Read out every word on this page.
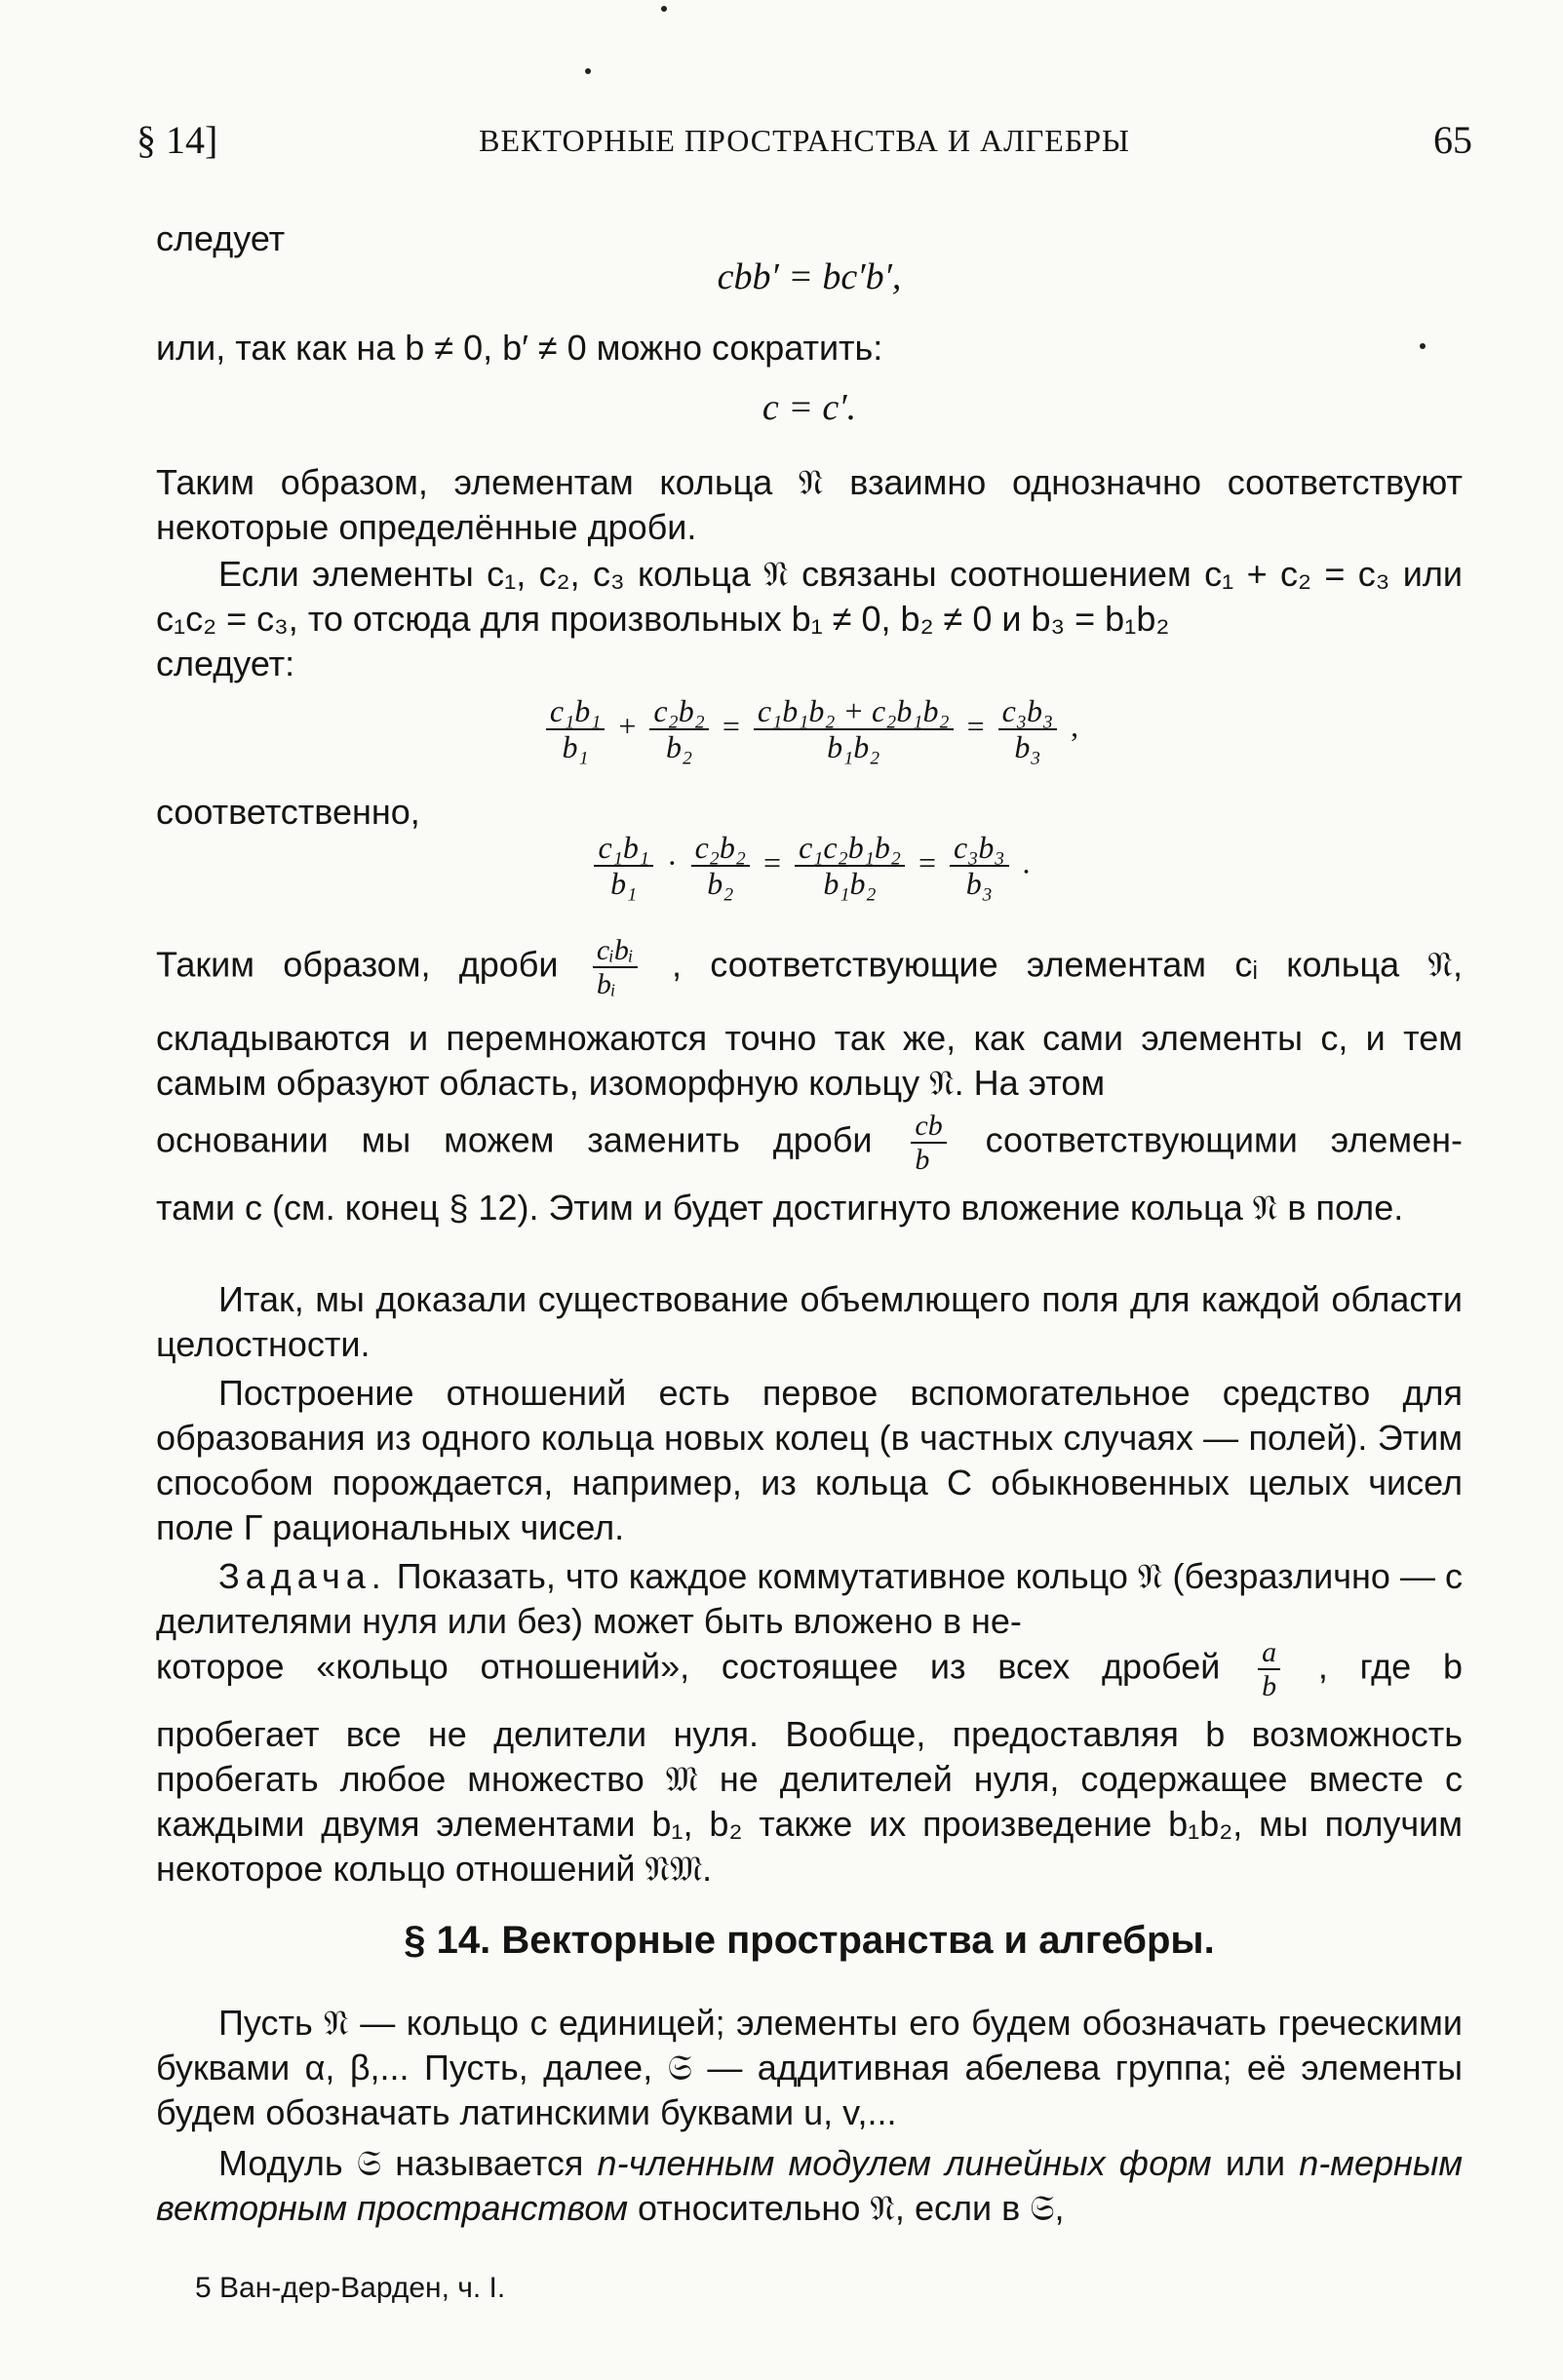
§ 14]	ВЕКТОРНЫЕ ПРОСТРАНСТВА И АЛГЕБРЫ	65
следует
cbb′ = bc′b′,
или, так как на b ≠ 0, b′ ≠ 0 можно сократить:
c = c′.

Таким образом, элементам кольца 𝔑 взаимно однозначно соответствуют некоторые определённые дроби.

Если элементы c₁, c₂, c₃ кольца 𝔑 связаны соотношением c₁ + c₂ = c₃ или c₁c₂ = c₃, то отсюда для произвольных b₁ ≠ 0, b₂ ≠ 0 и b₃ = b₁b₂

следует:
$\frac{\text{c₁b₁}}{\text{b₁}} + \frac{\text{c₂b₂}}{\text{b₂}} = \frac{\text{c₁b₁b₂ + c₂b₁b₂}}{\text{b₁b₂}} = \frac{\text{c₃b₃}}{\text{b₃}}$ ,
соответственно,
$\frac{\text{c₁b₁}}{\text{b₁}} \cdot \frac{\text{c₂b₂}}{\text{b₂}} = \frac{\text{c₁c₂b₁b₂}}{\text{b₁b₂}} = \frac{\text{c₃b₃}}{\text{b₃}}$ .
Таким образом, дроби $\frac{\text{cᵢbᵢ}}{\text{bᵢ}}$ , соответствующие элементам cᵢ кольца 𝔑,

складываются и перемножаются точно так же, как сами элементы c, и тем самым образуют область, изоморфную кольцу 𝔑. На этом

основании мы можем заменить дроби $\frac{cb}{b}$ соответствующими элемен-

тами c (см. конец § 12). Этим и будет достигнуто вложение кольца 𝔑 в поле.

Итак, мы доказали существование объемлющего поля для каждой области целостности.

Построение отношений есть первое вспомогательное средство для образования из одного кольца новых колец (в частных случаях — полей). Этим способом порождается, например, из кольца C обыкновенных целых чисел поле Г рациональных чисел.

Задача. Показать, что каждое коммутативное кольцо 𝔑 (безразлично — с делителями нуля или без) может быть вложено в не-

которое «кольцо отношений», состоящее из всех дробей $\frac{a}{b}$ , где b

пробегает все не делители нуля. Вообще, предоставляя b возможность пробегать любое множество 𝔐 не делителей нуля, содержащее вместе с каждыми двумя элементами b₁, b₂ также их произведение b₁b₂, мы получим некоторое кольцо отношений 𝔑𝔐.

§ 14. Векторные пространства и алгебры.

Пусть 𝔑 — кольцо с единицей; элементы его будем обозначать греческими буквами α, β,... Пусть, далее, 𝔖 — аддитивная абелева группа; её элементы будем обозначать латинскими буквами u, v,...

Модуль 𝔖 называется n-членным модулем линейных форм или n-мерным векторным пространством относительно 𝔑, если в 𝔖,

5 Ван-дер-Варден, ч. I.
